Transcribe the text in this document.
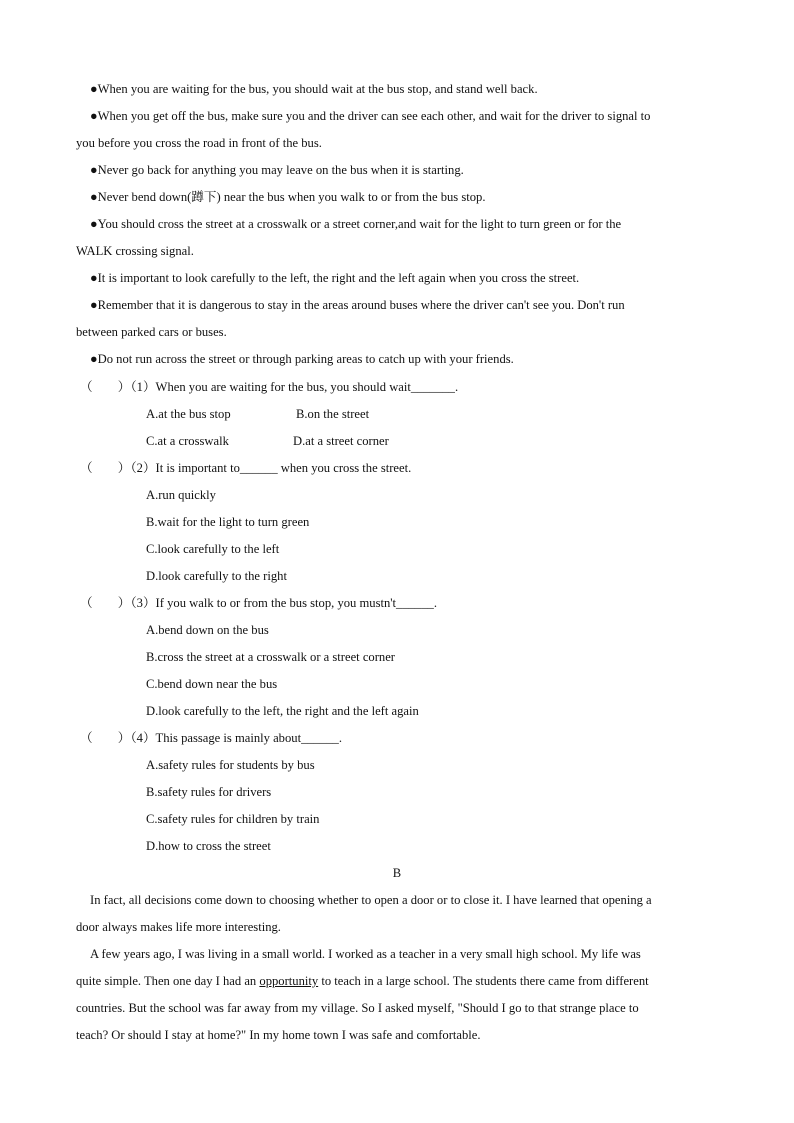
●When you are waiting for the bus, you should wait at the bus stop, and stand well back.
●When you get off the bus, make sure you and the driver can see each other, and wait for the driver to signal to
you before you cross the road in front of the bus.
●Never go back for anything you may leave on the bus when it is starting.
●Never bend down(蹲下) near the bus when you walk to or from the bus stop.
●You should cross the street at a crosswalk or a street corner,and wait for the light to turn green or for the
WALK crossing signal.
●It is important to look carefully to the left, the right and the left again when you cross the street.
●Remember that it is dangerous to stay in the areas around buses where the driver can't see you. Don't run
between parked cars or buses.
●Do not run across the street or through parking areas to catch up with your friends.
（　　）（1）When you are waiting for the bus, you should wait_______.
A.at the bus stop	B.on the street
C.at a crosswalk	D.at a street corner
（　　）（2）It is important to______ when you cross the street.
A.run quickly
B.wait for the light to turn green
C.look carefully to the left
D.look carefully to the right
（　　）（3）If you walk to or from the bus stop, you mustn't______.
A.bend down on the bus
B.cross the street at a crosswalk or a street corner
C.bend down near the bus
D.look carefully to the left, the right and the left again
（　　）（4）This passage is mainly about______.
A.safety rules for students by bus
B.safety rules for drivers
C.safety rules for children by train
D.how to cross the street
B
In fact, all decisions come down to choosing whether to open a door or to close it. I have learned that opening a
door always makes life more interesting.
A few years ago, I was living in a small world. I worked as a teacher in a very small high school. My life was
quite simple. Then one day I had an opportunity to teach in a large school. The students there came from different
countries. But the school was far away from my village. So I asked myself, "Should I go to that strange place to
teach? Or should I stay at home?" In my home town I was safe and comfortable.
